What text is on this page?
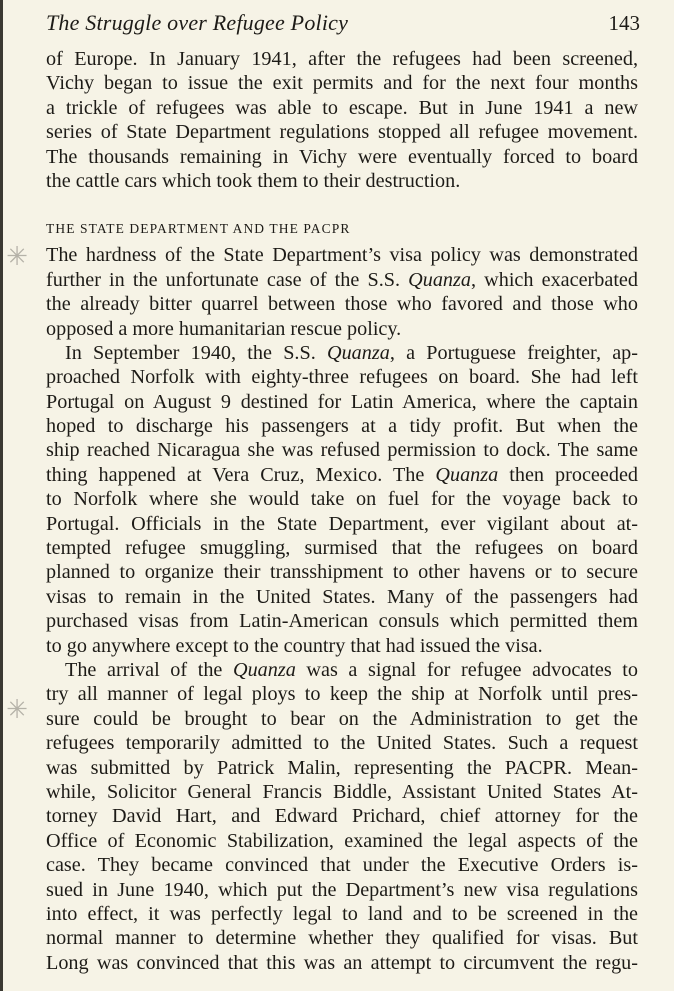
The Struggle over Refugee Policy	143
✳
✳
of Europe. In January 1941, after the refugees had been screened,
Vichy began to issue the exit permits and for the next four months
a trickle of refugees was able to escape. But in June 1941 a new
series of State Department regulations stopped all refugee movement.
The thousands remaining in Vichy were eventually forced to board
the cattle cars which took them to their destruction.
THE STATE DEPARTMENT AND THE PACPR
The hardness of the State Department’s visa policy was demonstrated
further in the unfortunate case of the S.S. Quanza, which exacerbated
the already bitter quarrel between those who favored and those who
opposed a more humanitarian rescue policy.
In September 1940, the S.S. Quanza, a Portuguese freighter, ap-
proached Norfolk with eighty-three refugees on board. She had left
Portugal on August 9 destined for Latin America, where the captain
hoped to discharge his passengers at a tidy profit. But when the
ship reached Nicaragua she was refused permission to dock. The same
thing happened at Vera Cruz, Mexico. The Quanza then proceeded
to Norfolk where she would take on fuel for the voyage back to
Portugal. Officials in the State Department, ever vigilant about at-
tempted refugee smuggling, surmised that the refugees on board
planned to organize their transshipment to other havens or to secure
visas to remain in the United States. Many of the passengers had
purchased visas from Latin-American consuls which permitted them
to go anywhere except to the country that had issued the visa.
The arrival of the Quanza was a signal for refugee advocates to
try all manner of legal ploys to keep the ship at Norfolk until pres-
sure could be brought to bear on the Administration to get the
refugees temporarily admitted to the United States. Such a request
was submitted by Patrick Malin, representing the PACPR. Mean-
while, Solicitor General Francis Biddle, Assistant United States At-
torney David Hart, and Edward Prichard, chief attorney for the
Office of Economic Stabilization, examined the legal aspects of the
case. They became convinced that under the Executive Orders is-
sued in June 1940, which put the Department’s new visa regulations
into effect, it was perfectly legal to land and to be screened in the
normal manner to determine whether they qualified for visas. But
Long was convinced that this was an attempt to circumvent the regu-
